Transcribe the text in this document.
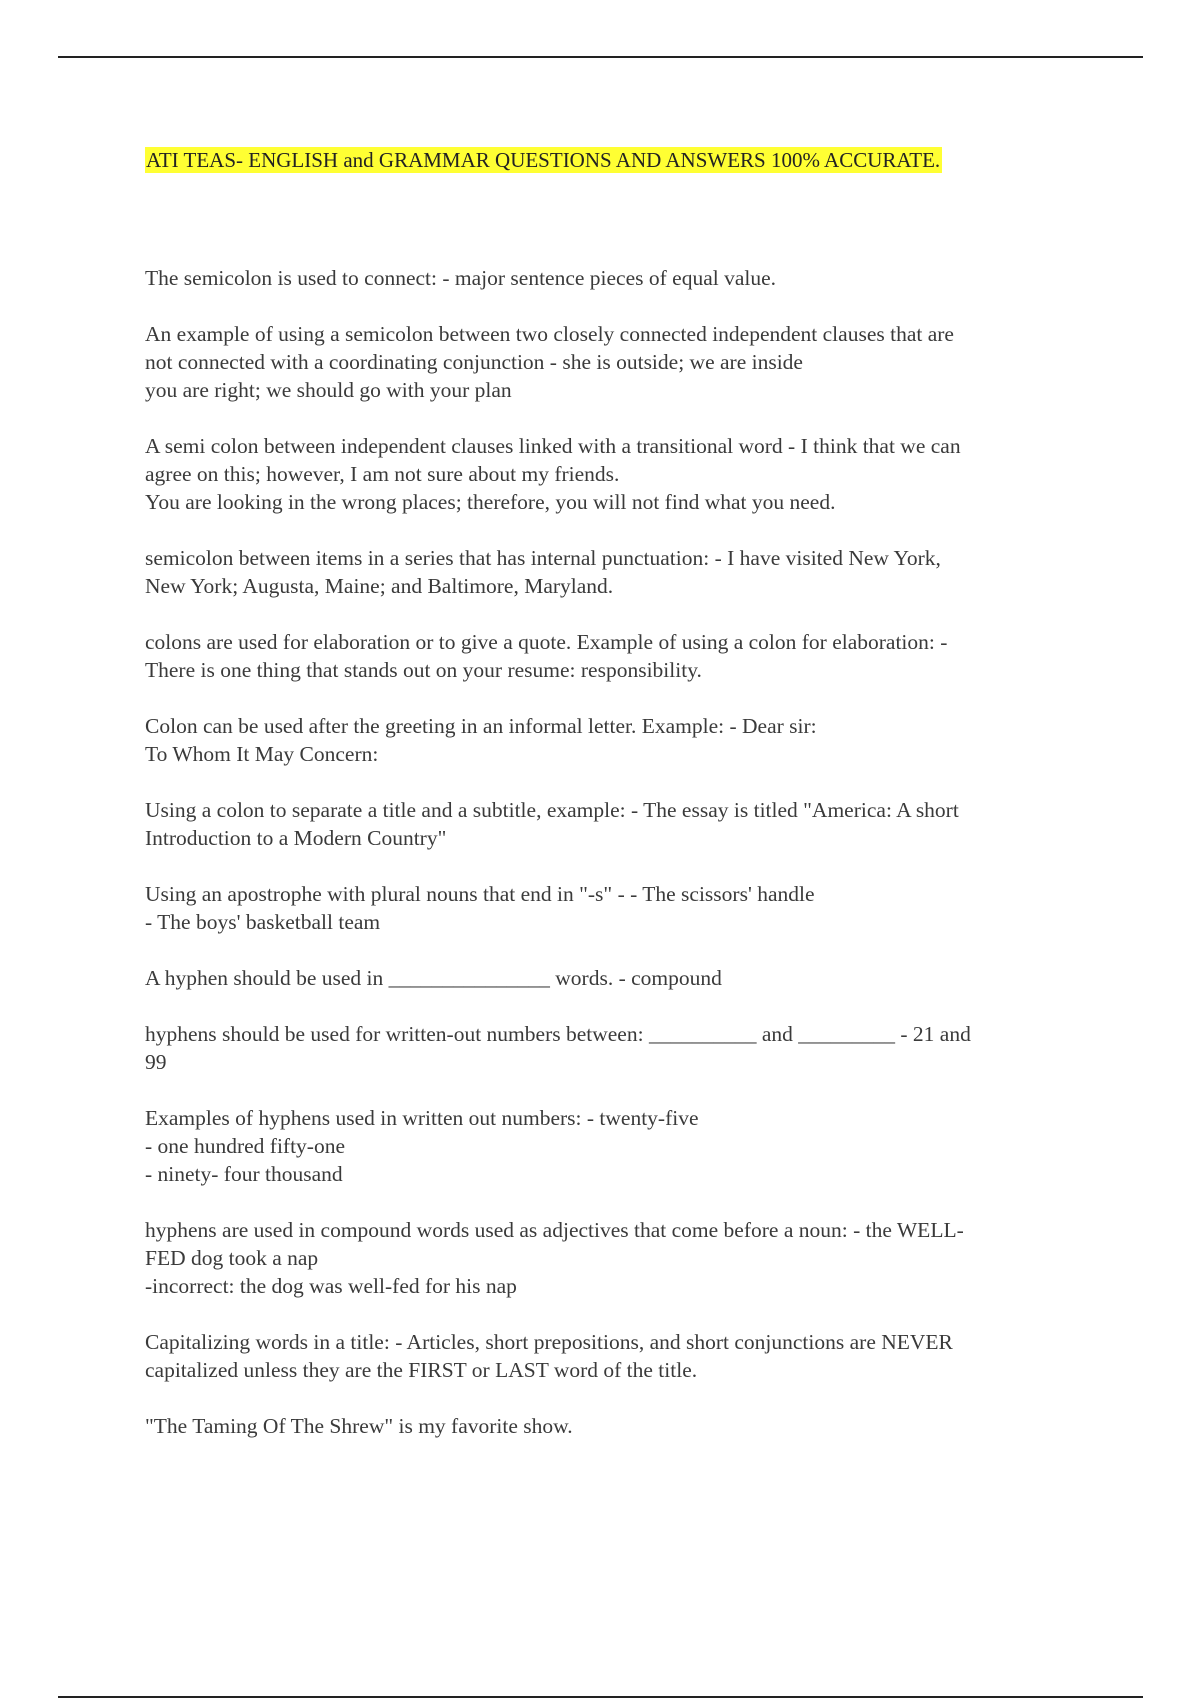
ATI TEAS- ENGLISH and GRAMMAR QUESTIONS AND ANSWERS 100% ACCURATE.
The semicolon is used to connect: - major sentence pieces of equal value.
An example of using a semicolon between two closely connected independent clauses that are
not connected with a coordinating conjunction - she is outside; we are inside
you are right; we should go with your plan
A semi colon between independent clauses linked with a transitional word - I think that we can
agree on this; however, I am not sure about my friends.
You are looking in the wrong places; therefore, you will not find what you need.
semicolon between items in a series that has internal punctuation: - I have visited New York,
New York; Augusta, Maine; and Baltimore, Maryland.
colons are used for elaboration or to give a quote. Example of using a colon for elaboration: -
There is one thing that stands out on your resume: responsibility.
Colon can be used after the greeting in an informal letter. Example: - Dear sir:
To Whom It May Concern:
Using a colon to separate a title and a subtitle, example: - The essay is titled "America: A short
Introduction to a Modern Country"
Using an apostrophe with plural nouns that end in "-s" - - The scissors' handle
- The boys' basketball team
A hyphen should be used in _______________ words. - compound
hyphens should be used for written-out numbers between: __________ and _________ - 21 and
99
Examples of hyphens used in written out numbers: - twenty-five
- one hundred fifty-one
- ninety- four thousand
hyphens are used in compound words used as adjectives that come before a noun: - the WELL-
FED dog took a nap
-incorrect: the dog was well-fed for his nap
Capitalizing words in a title: - Articles, short prepositions, and short conjunctions are NEVER
capitalized unless they are the FIRST or LAST word of the title.
"The Taming Of The Shrew" is my favorite show.
